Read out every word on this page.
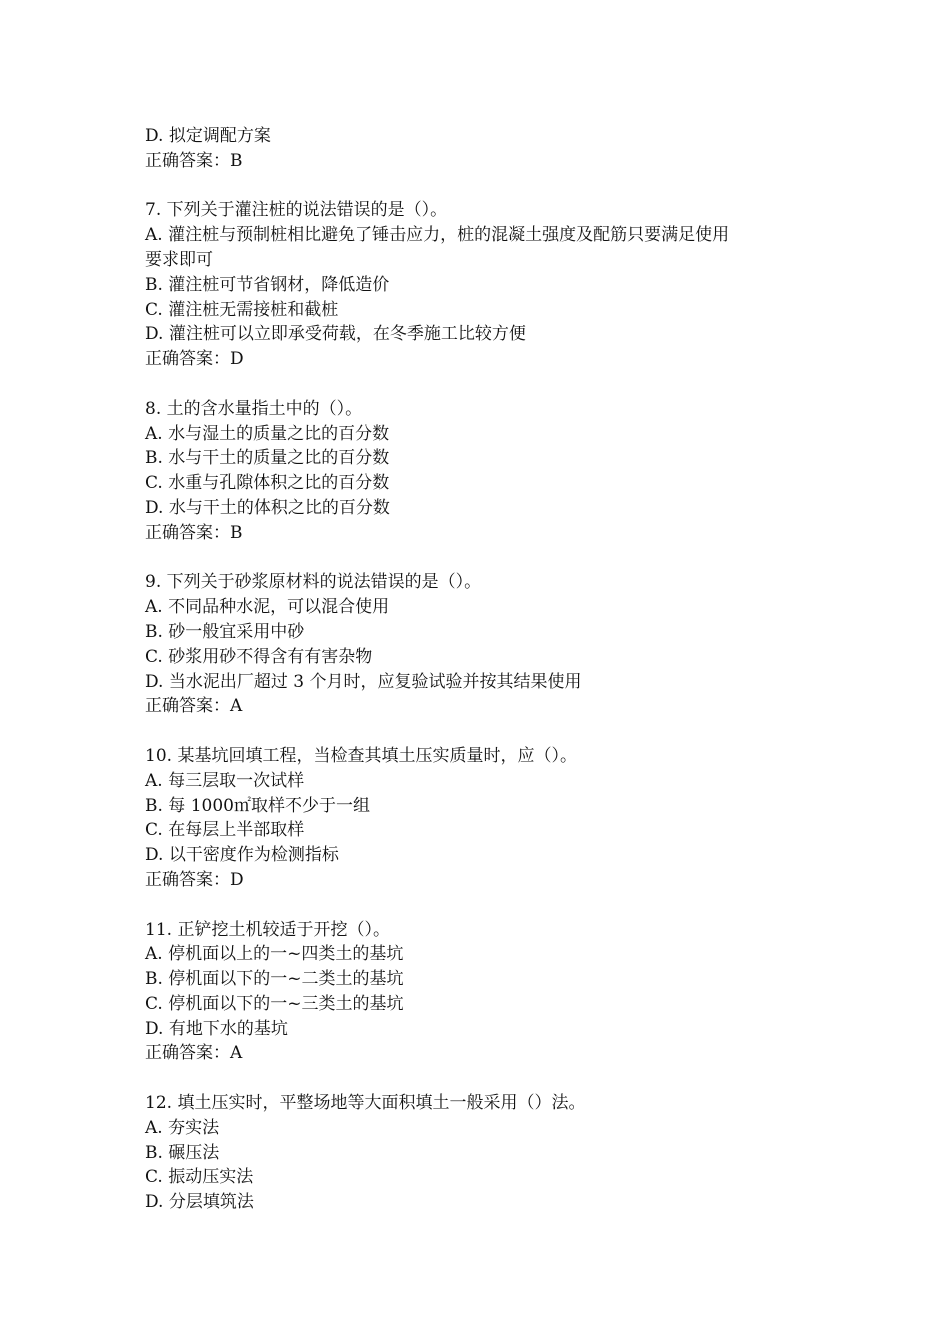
D. 拟定调配方案
正确答案：B
7. 下列关于灌注桩的说法错误的是（）。
A. 灌注桩与预制桩相比避免了锤击应力，桩的混凝土强度及配筋只要满足使用
要求即可
B. 灌注桩可节省钢材，降低造价
C. 灌注桩无需接桩和截桩
D. 灌注桩可以立即承受荷载，在冬季施工比较方便
正确答案：D
8. 土的含水量指土中的（）。
A. 水与湿土的质量之比的百分数
B. 水与干土的质量之比的百分数
C. 水重与孔隙体积之比的百分数
D. 水与干土的体积之比的百分数
正确答案：B
9. 下列关于砂浆原材料的说法错误的是（）。
A. 不同品种水泥，可以混合使用
B. 砂一般宜采用中砂
C. 砂浆用砂不得含有有害杂物
D. 当水泥出厂超过 3 个月时，应复验试验并按其结果使用
正确答案：A
10. 某基坑回填工程，当检查其填土压实质量时，应（）。
A. 每三层取一次试样
B. 每 1000㎡取样不少于一组
C. 在每层上半部取样
D. 以干密度作为检测指标
正确答案：D
11. 正铲挖土机较适于开挖（）。
A. 停机面以上的一~四类土的基坑
B. 停机面以下的一~二类土的基坑
C. 停机面以下的一~三类土的基坑
D. 有地下水的基坑
正确答案：A
12. 填土压实时，平整场地等大面积填土一般采用（）法。
A. 夯实法
B. 碾压法
C. 振动压实法
D. 分层填筑法
